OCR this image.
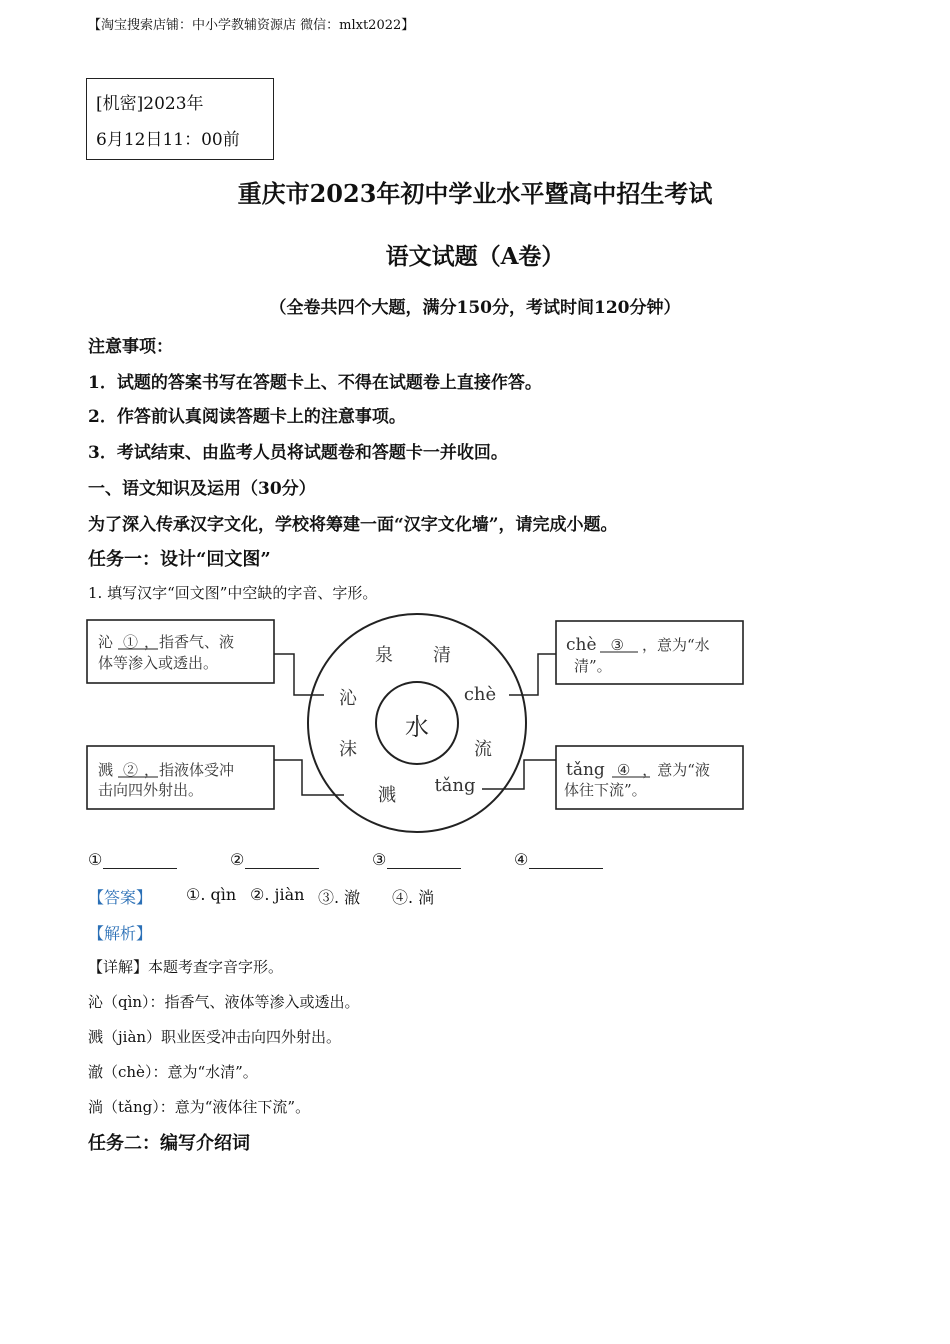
【淘宝搜索店铺：中小学教辅资源店 微信：mlxt2022】
[机密]2023年
6月12日11：00前
重庆市2023年初中学业水平暨高中招生考试
语文试题（A卷）
（全卷共四个大题，满分150分，考试时间120分钟）
注意事项：
1．试题的答案书写在答题卡上、不得在试题卷上直接作答。
2．作答前认真阅读答题卡上的注意事项。
3．考试结束、由监考人员将试题卷和答题卡一并收回。
一、语文知识及运用（30分）
为了深入传承汉字文化，学校将筹建一面“汉字文化墙”，请完成小题。
任务一：设计“回文图”
1. 填写汉字“回文图”中空缺的字音、字形。
水
泉 清
chè
流
tǎng
溅
沫
沁
沁 ① ，指香气、液
体等渗入或透出。
溅 ② ，指液体受冲
击向四外射出。
chè ③ ，意为“水
清”。
tǎng ④ ，意为“液
体往下流”。
①	②	③	④
【答案】 ①. qìn ②. jiàn ③. 澈 ④. 淌
【解析】
【详解】本题考查字音字形。
沁（qìn）：指香气、液体等渗入或透出。
溅（jiàn）职业医受冲击向四外射出。
澈（chè）：意为“水清”。
淌（tǎng）：意为“液体往下流”。
任务二：编写介绍词
